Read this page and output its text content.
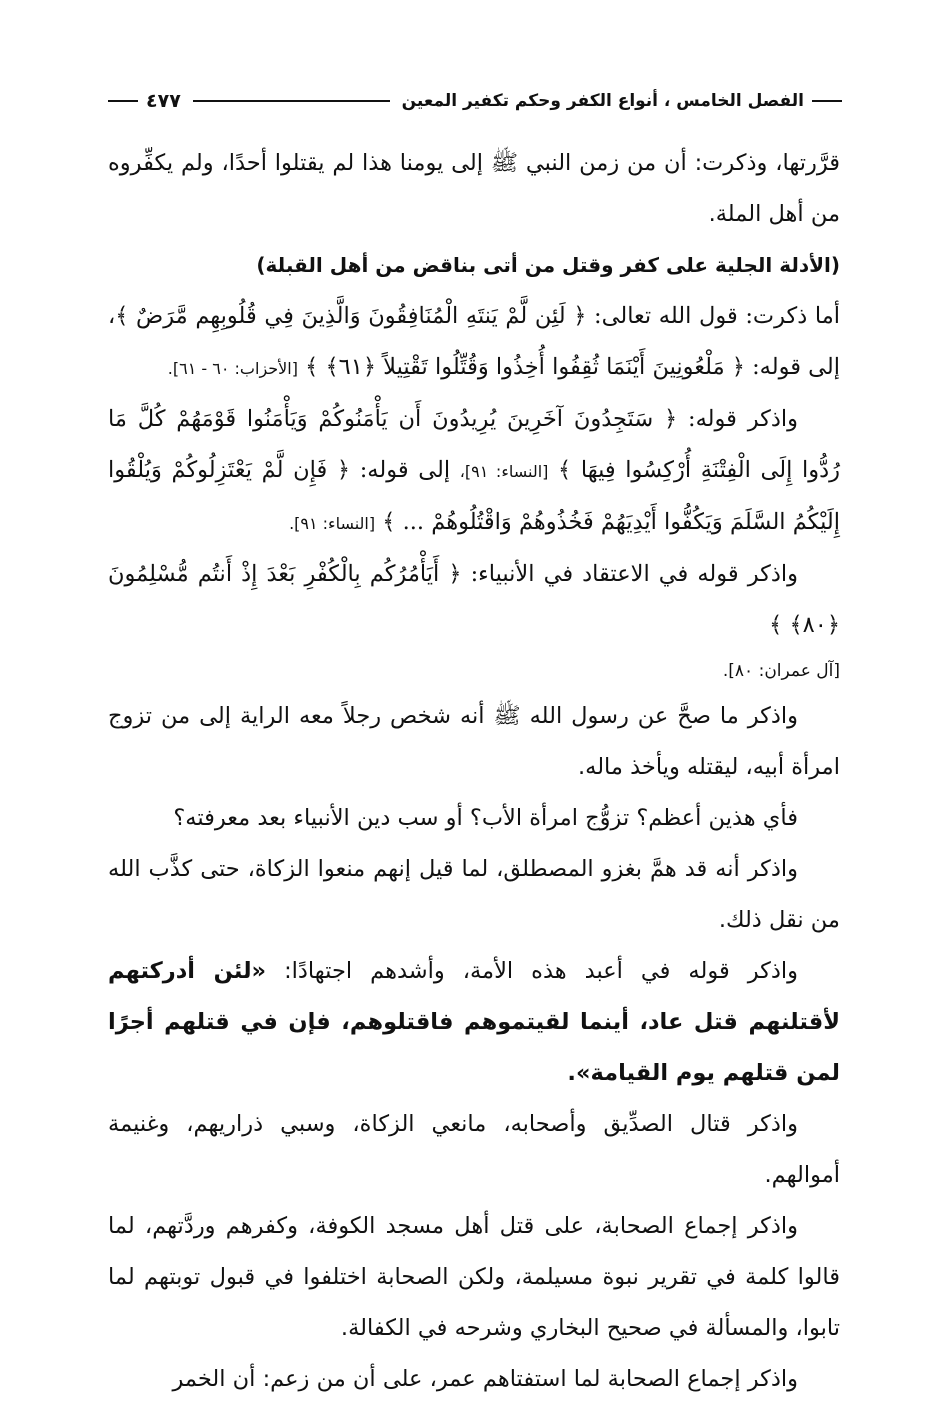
الفصل الخامس ، أنواع الكفر وحكم تكفير المعين
٤٧٧

قرَّرتها، وذكرت: أن من زمن النبي ﷺ إلى يومنا هذا لم يقتلوا أحدًا، ولم يكفِّروه من أهل الملة.

(الأدلة الجلية على كفر وقتل من أتى بناقض من أهل القبلة)

أما ذكرت: قول الله تعالى: ﴿ لَئِن لَّمْ يَنتَهِ الْمُنَافِقُونَ وَالَّذِينَ فِي قُلُوبِهِم مَّرَضٌ ﴾، إلى قوله: ﴿ مَلْعُونِينَ أَيْنَمَا ثُقِفُوا أُخِذُوا وَقُتِّلُوا تَقْتِيلاً ﴿٦١﴾ ﴾ [الأحزاب: ٦٠ - ٦١].

واذكر قوله: ﴿ سَتَجِدُونَ آخَرِينَ يُرِيدُونَ أَن يَأْمَنُوكُمْ وَيَأْمَنُوا قَوْمَهُمْ كُلَّ مَا رُدُّوا إِلَى الْفِتْنَةِ أُرْكِسُوا فِيهَا ﴾ [النساء: ٩١]، إلى قوله: ﴿ فَإِن لَّمْ يَعْتَزِلُوكُمْ وَيُلْقُوا إِلَيْكُمُ السَّلَمَ وَيَكُفُّوا أَيْدِيَهُمْ فَخُذُوهُمْ وَاقْتُلُوهُمْ ... ﴾ [النساء: ٩١].

واذكر قوله في الاعتقاد في الأنبياء: ﴿ أَيَأْمُرُكُم بِالْكُفْرِ بَعْدَ إِذْ أَنتُم مُّسْلِمُونَ ﴿٨٠﴾ ﴾

[آل عمران: ٨٠].

واذكر ما صحَّ عن رسول الله ﷺ أنه شخص رجلاً معه الراية إلى من تزوج امرأة أبيه، ليقتله ويأخذ ماله.

فأي هذين أعظم؟ تزوُّج امرأة الأب؟ أو سب دين الأنبياء بعد معرفته؟

واذكر أنه قد همَّ بغزو المصطلق، لما قيل إنهم منعوا الزكاة، حتى كذَّب الله من نقل ذلك.

واذكر قوله في أعبد هذه الأمة، وأشدهم اجتهادًا: «لئن أدركتهم لأقتلنهم قتل عاد، أينما لقيتموهم فاقتلوهم، فإن في قتلهم أجرًا لمن قتلهم يوم القيامة».

واذكر قتال الصدِّيق وأصحابه، مانعي الزكاة، وسبي ذراريهم، وغنيمة أموالهم.

واذكر إجماع الصحابة، على قتل أهل مسجد الكوفة، وكفرهم وردَّتهم، لما قالوا كلمة في تقرير نبوة مسيلمة، ولكن الصحابة اختلفوا في قبول توبتهم لما تابوا، والمسألة في صحيح البخاري وشرحه في الكفالة.

واذكر إجماع الصحابة لما استفتاهم عمر، على أن من زعم: أن الخمر
